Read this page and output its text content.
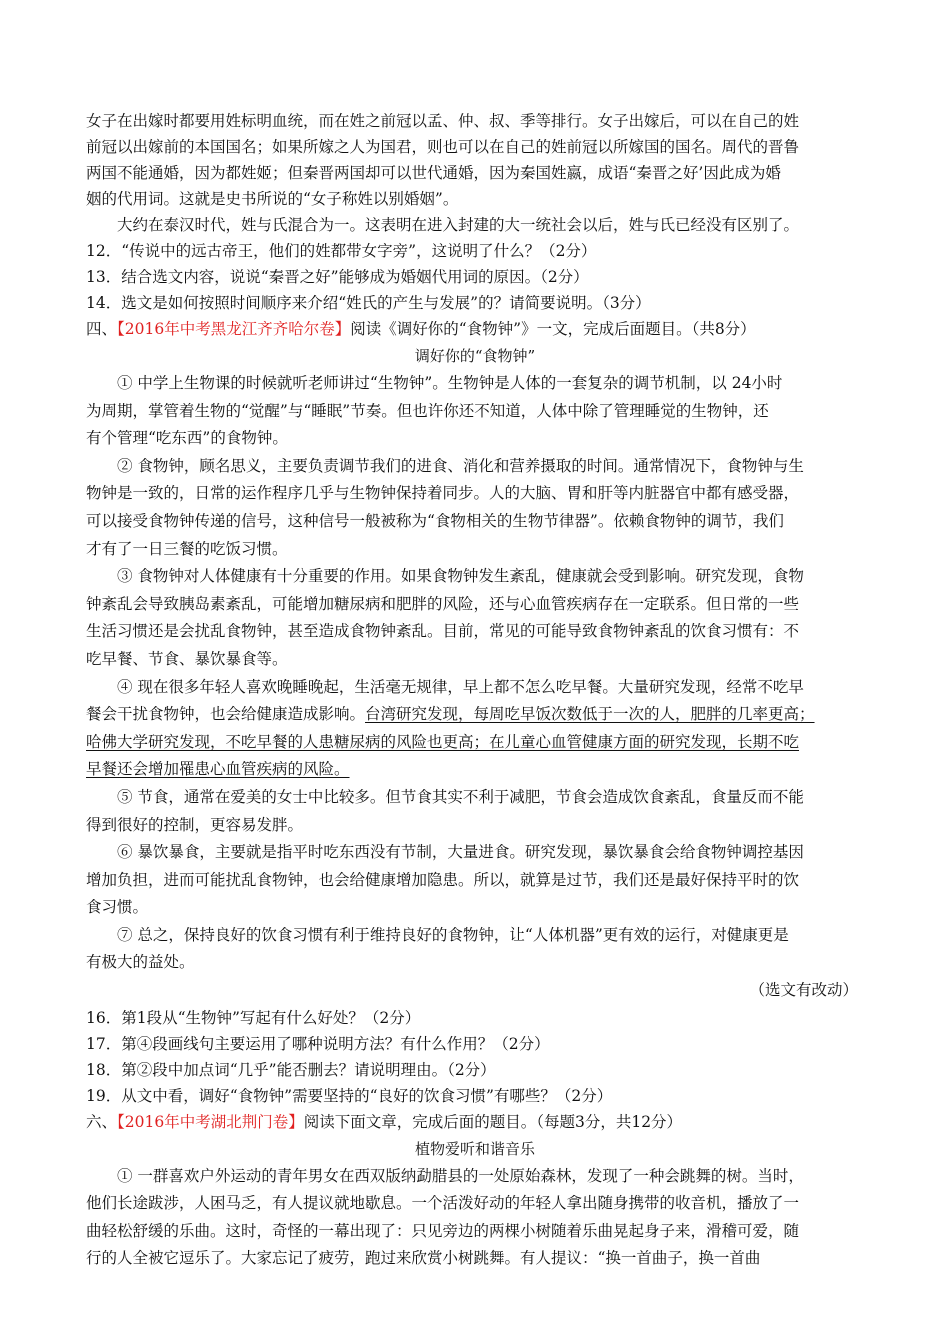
女子在出嫁时都要用姓标明血统，而在姓之前冠以孟、仲、叔、季等排行。女子出嫁后，可以在自己的姓
前冠以出嫁前的本国国名；如果所嫁之人为国君，则也可以在自己的姓前冠以所嫁国的国名。周代的晋鲁
两国不能通婚，因为都姓姬；但秦晋两国却可以世代通婚，因为秦国姓嬴，成语“秦晋之好’因此成为婚
姻的代用词。这就是史书所说的“女子称姓以别婚姻”。
大约在泰汉时代，姓与氏混合为一。这表明在进入封建的大一统社会以后，姓与氏已经没有区别了。
12．“传说中的远古帝王，他们的姓都带女字旁”，这说明了什么？（2分）
13．结合选文内容，说说“秦晋之好”能够成为婚姻代用词的原因。（2分）
14．选文是如何按照时间顺序来介绍“姓氏的产生与发展”的？请简要说明。（3分）
四、【2016年中考黑龙江齐齐哈尔卷】阅读《调好你的“食物钟”》一文，完成后面题目。（共8分）
调好你的“食物钟”
① 中学上生物课的时候就听老师讲过“生物钟”。生物钟是人体的一套复杂的调节机制，以 24小时
为周期，掌管着生物的“觉醒”与“睡眠”节奏。但也许你还不知道，人体中除了管理睡觉的生物钟，还
有个管理“吃东西”的食物钟。
② 食物钟，顾名思义，主要负责调节我们的进食、消化和营养摄取的时间。通常情况下，食物钟与生
物钟是一致的，日常的运作程序几乎与生物钟保持着同步。人的大脑、胃和肝等内脏器官中都有感受器，
可以接受食物钟传递的信号，这种信号一般被称为“食物相关的生物节律器”。依赖食物钟的调节，我们
才有了一日三餐的吃饭习惯。
③ 食物钟对人体健康有十分重要的作用。如果食物钟发生紊乱，健康就会受到影响。研究发现，食物
钟紊乱会导致胰岛素紊乱，可能增加糖尿病和肥胖的风险，还与心血管疾病存在一定联系。但日常的一些
生活习惯还是会扰乱食物钟，甚至造成食物钟紊乱。目前，常见的可能导致食物钟紊乱的饮食习惯有：不
吃早餐、节食、暴饮暴食等。
④ 现在很多年轻人喜欢晚睡晚起，生活毫无规律，早上都不怎么吃早餐。大量研究发现，经常不吃早
餐会干扰食物钟，也会给健康造成影响。台湾研究发现，每周吃早饭次数低于一次的人，肥胖的几率更高；
哈佛大学研究发现，不吃早餐的人患糖尿病的风险也更高；在儿童心血管健康方面的研究发现，长期不吃
早餐还会增加罹患心血管疾病的风险。
⑤ 节食，通常在爱美的女士中比较多。但节食其实不利于减肥，节食会造成饮食紊乱，食量反而不能
得到很好的控制，更容易发胖。
⑥ 暴饮暴食，主要就是指平时吃东西没有节制，大量进食。研究发现，暴饮暴食会给食物钟调控基因
增加负担，进而可能扰乱食物钟，也会给健康增加隐患。所以，就算是过节，我们还是最好保持平时的饮
食习惯。
⑦ 总之，保持良好的饮食习惯有利于维持良好的食物钟，让“人体机器”更有效的运行，对健康更是
有极大的益处。
（选文有改动）
16．第1段从“生物钟”写起有什么好处？（2分）
17．第④段画线句主要运用了哪种说明方法？有什么作用？（2分）
18．第②段中加点词“几乎”能否删去？请说明理由。（2分）
19．从文中看，调好“食物钟”需要坚持的“良好的饮食习惯”有哪些？（2分）
六、【2016年中考湖北荆门卷】阅读下面文章，完成后面的题目。（每题3分，共12分）
植物爱听和谐音乐
① 一群喜欢户外运动的青年男女在西双版纳勐腊县的一处原始森林，发现了一种会跳舞的树。当时，
他们长途跋涉，人困马乏，有人提议就地歇息。一个活泼好动的年轻人拿出随身携带的收音机，播放了一
曲轻松舒缓的乐曲。这时，奇怪的一幕出现了：只见旁边的两棵小树随着乐曲晃起身子来，滑稽可爱，随
行的人全被它逗乐了。大家忘记了疲劳，跑过来欣赏小树跳舞。有人提议：“换一首曲子，换一首曲
